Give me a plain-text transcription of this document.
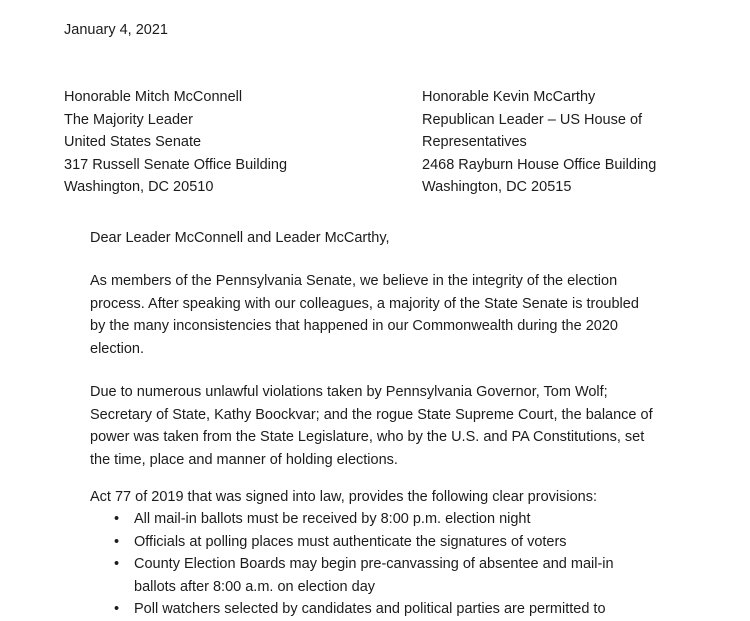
January 4, 2021
Honorable Mitch McConnell
The Majority Leader
United States Senate
317 Russell Senate Office Building
Washington, DC 20510
Honorable Kevin McCarthy
Republican Leader – US House of
Representatives
2468 Rayburn House Office Building
Washington, DC 20515
Dear Leader McConnell and Leader McCarthy,

As members of the Pennsylvania Senate, we believe in the integrity of the election

process. After speaking with our colleagues, a majority of the State Senate is troubled

by the many inconsistencies that happened in our Commonwealth during the 2020

election.

Due to numerous unlawful violations taken by Pennsylvania Governor, Tom Wolf;

Secretary of State, Kathy Boockvar; and the rogue State Supreme Court, the balance of

power was taken from the State Legislature, who by the U.S. and PA Constitutions, set

the time, place and manner of holding elections.

Act 77 of 2019 that was signed into law, provides the following clear provisions:
• All mail-in ballots must be received by 8:00 p.m. election night
• Officials at polling places must authenticate the signatures of voters
• County Election Boards may begin pre-canvassing of absentee and mail-in
ballots after 8:00 a.m. on election day
• Poll watchers selected by candidates and political parties are permitted to
